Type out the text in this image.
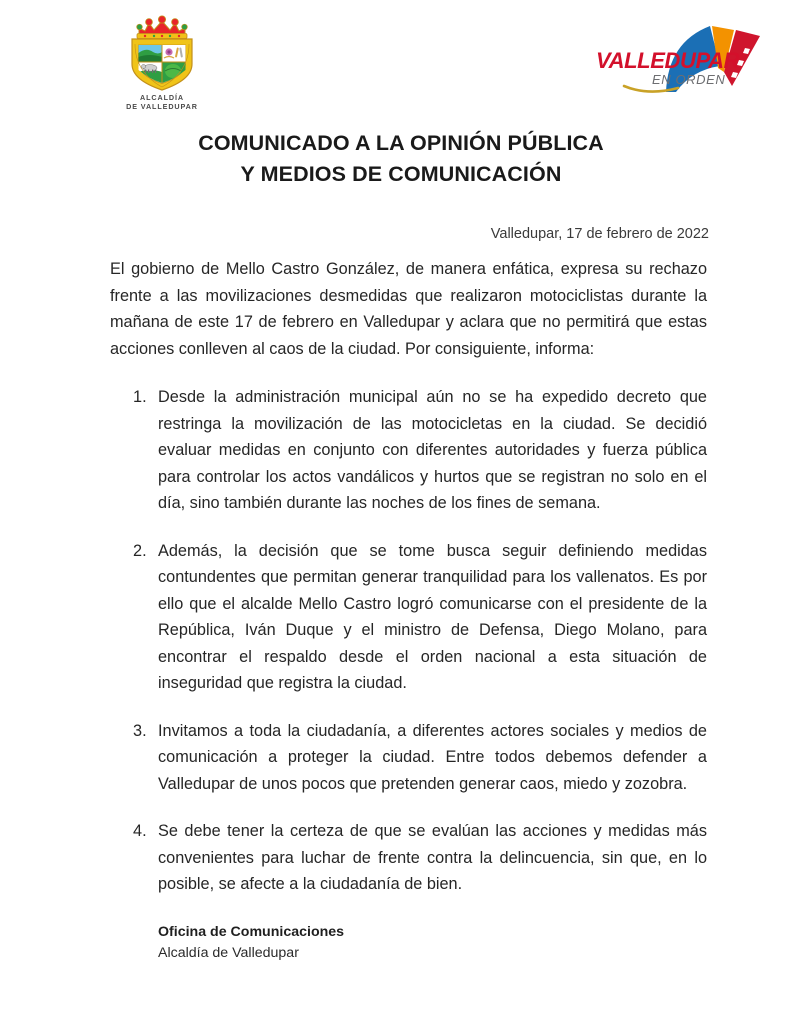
ALCALDÍA
DE VALLEDUPAR
VALLEDUPAR
EN ORDEN
COMUNICADO A LA OPINIÓN PÚBLICA
Y MEDIOS DE COMUNICACIÓN
Valledupar, 17 de febrero de 2022

El gobierno de Mello Castro González, de manera enfática, expresa su rechazo frente a las movilizaciones desmedidas que realizaron motociclistas durante la mañana de este 17 de febrero en Valledupar y aclara que no permitirá que estas acciones conlleven al caos de la ciudad. Por consiguiente, informa:

Desde la administración municipal aún no se ha expedido decreto que restringa la movilización de las motocicletas en la ciudad. Se decidió evaluar medidas en conjunto con diferentes autoridades y fuerza pública para controlar los actos vandálicos y hurtos que se registran no solo en el día, sino también durante las noches de los fines de semana.
Además, la decisión que se tome busca seguir definiendo medidas contundentes que permitan generar tranquilidad para los vallenatos. Es por ello que el alcalde Mello Castro logró comunicarse con el presidente de la República, Iván Duque y el ministro de Defensa, Diego Molano, para encontrar el respaldo desde el orden nacional a esta situación de inseguridad que registra la ciudad.
Invitamos a toda la ciudadanía, a diferentes actores sociales y medios de comunicación a proteger la ciudad. Entre todos debemos defender a Valledupar de unos pocos que pretenden generar caos, miedo y zozobra.
Se debe tener la certeza de que se evalúan las acciones y medidas más convenientes para luchar de frente contra la delincuencia, sin que, en lo posible, se afecte a la ciudadanía de bien.
Oficina de Comunicaciones
Alcaldía de Valledupar
